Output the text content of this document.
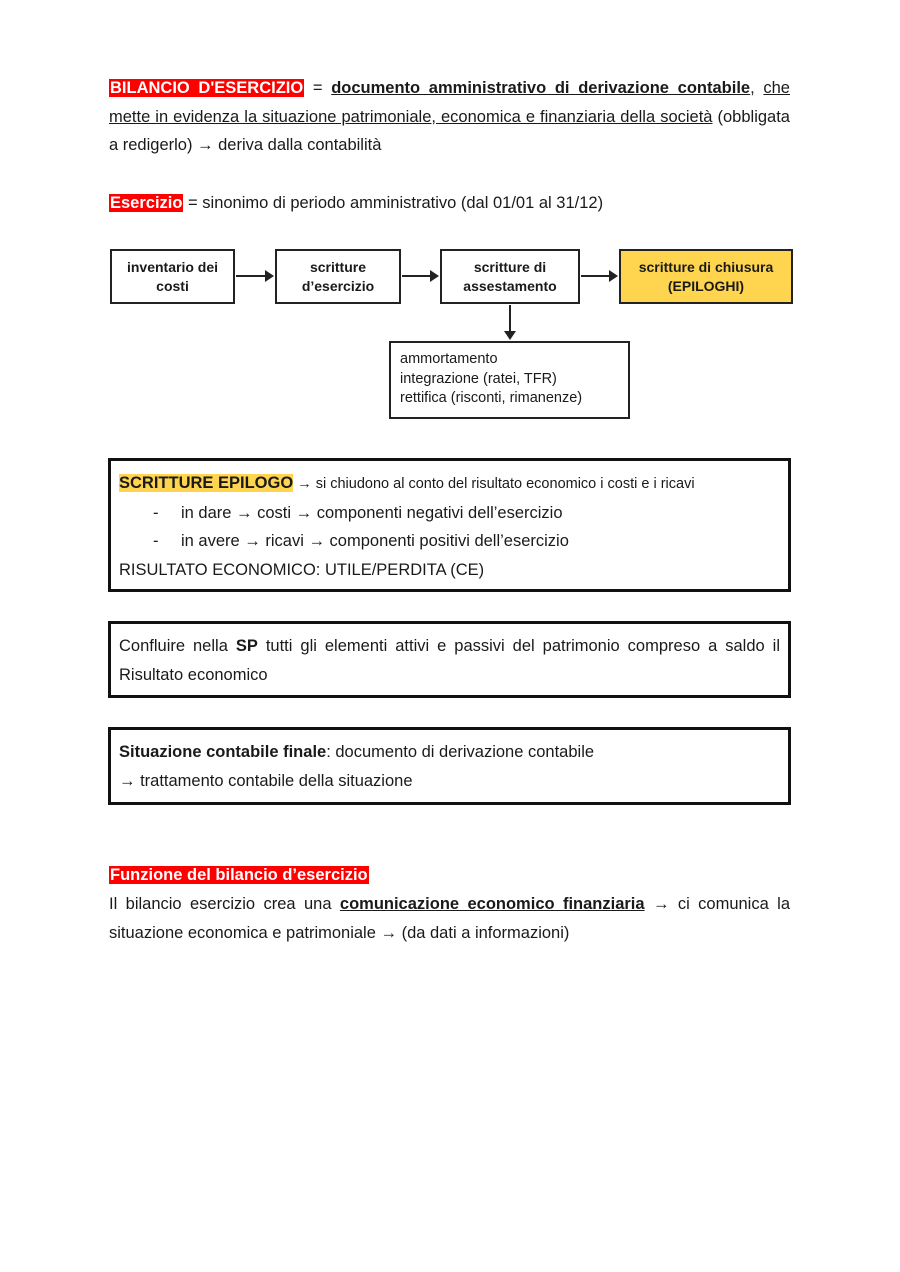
BILANCIO D'ESERCIZIO = documento amministrativo di derivazione contabile, che mette in evidenza la situazione patrimoniale, economica e finanziaria della società (obbligata a redigerlo) → deriva dalla contabilità

Esercizio = sinonimo di periodo amministrativo (dal 01/01 al 31/12)

inventario dei
costi
scritture
d’esercizio
scritture di
assestamento
scritture di chiusura
(EPILOGHI)
ammortamento
integrazione (ratei, TFR)
rettifica (risconti, rimanenze)
SCRITTURE EPILOGO → si chiudono al conto del risultato economico i costi e i ricavi
-	in dare → costi → componenti negativi dell’esercizio
-	in avere → ricavi → componenti positivi dell’esercizio
RISULTATO ECONOMICO: UTILE/PERDITA (CE)
Confluire nella SP tutti gli elementi attivi e passivi del patrimonio compreso a saldo il Risultato economico
Situazione contabile finale: documento di derivazione contabile
→ trattamento contabile della situazione
Funzione del bilancio d’esercizio

Il bilancio esercizio crea una comunicazione economico finanziaria → ci comunica la situazione economica e patrimoniale → (da dati a informazioni)
